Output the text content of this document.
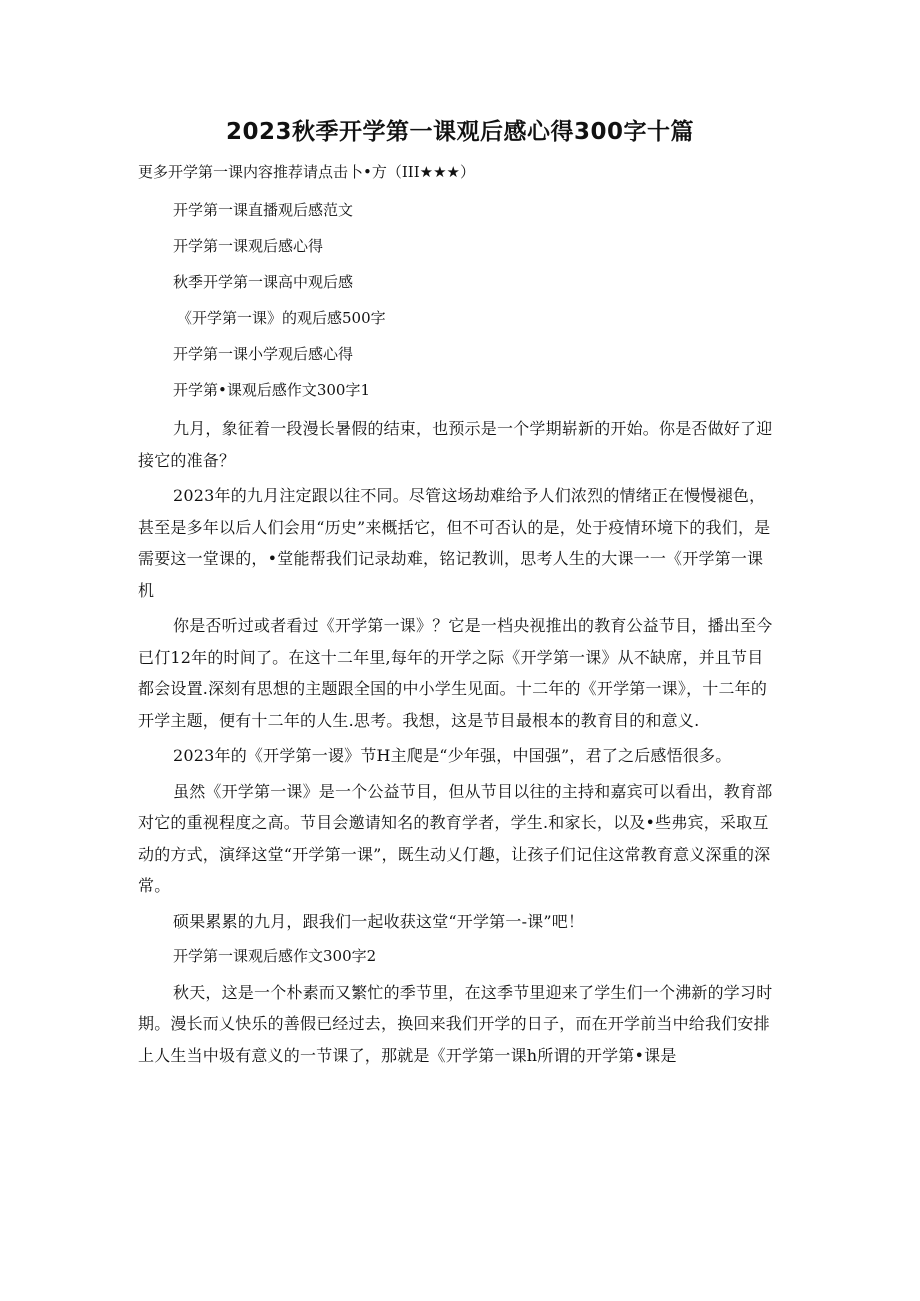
2023秋季开学第一课观后感心得300字十篇
更多开学第一课内容推荐请点击卜•方（III★★★）
开学第一课直播观后感范文
开学第一课观后感心得
秋季开学第一课高中观后感
《开学第一课》的观后感500字
开学第一课小学观后感心得
开学第•课观后感作文300字1

九月，象征着一段漫长暑假的结束，也预示是一个学期崭新的开始。你是否做好了迎接它的准备？

2023年的九月注定跟以往不同。尽管这场劫难给予人们浓烈的情绪正在慢慢褪色，甚至是多年以后人们会用“历史”来概括它，但不可否认的是，处于疫情环境下的我们，是需要这一堂课的，•堂能帮我们记录劫难，铭记教训，思考人生的大课一一《开学第一课机

你是否听过或者看过《开学第一课》？它是一档央视推出的教育公益节目，播出至今已仃12年的时间了。在这十二年里,每年的开学之际《开学第一课》从不缺席，并且节目都会设置.深刻有思想的主题跟全国的中小学生见面。十二年的《开学第一课》，十二年的开学主题，便有十二年的人生.思考。我想，这是节目最根本的教育目的和意义.

2023年的《开学第一谡》节H主爬是“少年强，中国强”，君了之后感悟很多。

虽然《开学第一课》是一个公益节目，但从节目以往的主持和嘉宾可以看出，教育部对它的重视程度之高。节目会邀请知名的教育学者，学生.和家长，以及•些弗宾，采取互动的方式，演绎这堂“开学第一课”，既生动乂仃趣，让孩子们记住这常教育意义深重的深常。

硕果累累的九月，跟我们一起收获这堂“开学第一-课”吧！

开学第一课观后感作文300字2

秋天，这是一个朴素而又繁忙的季节里，在这季节里迎来了学生们一个沸新的学习时期。漫长而乂快乐的善假已经过去，换回来我们开学的日子，而在开学前当中给我们安排上人生当中圾有意义的一节课了，那就是《开学第一课h所谓的开学第•课是
